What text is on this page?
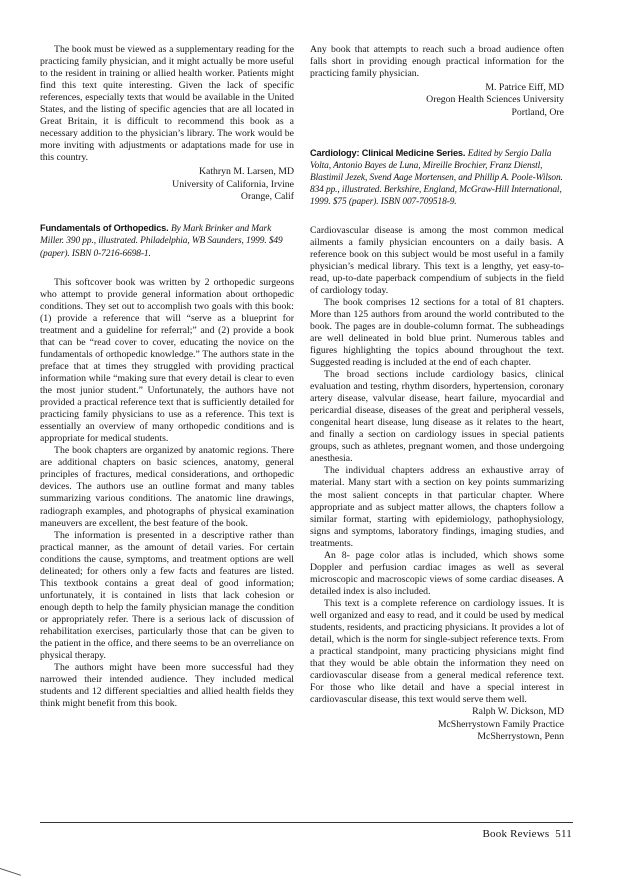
The book must be viewed as a supplementary reading for the practicing family physician, and it might actually be more useful to the resident in training or allied health worker. Patients might find this text quite interesting. Given the lack of specific references, especially texts that would be available in the United States, and the listing of specific agencies that are all located in Great Britain, it is difficult to recommend this book as a necessary addition to the physician’s library. The work would be more inviting with adjustments or adaptations made for use in this country.

Kathryn M. Larsen, MD
University of California, Irvine
Orange, Calif

Fundamentals of Orthopedics. By Mark Brinker and Mark Miller. 390 pp., illustrated. Philadelphia, WB Saunders, 1999. $49 (paper). ISBN 0-7216-6698-1.

This softcover book was written by 2 orthopedic surgeons who attempt to provide general information about orthopedic conditions. They set out to accomplish two goals with this book: (1) provide a reference that will “serve as a blueprint for treatment and a guideline for referral;” and (2) provide a book that can be “read cover to cover, educating the novice on the fundamentals of orthopedic knowledge.” The authors state in the preface that at times they struggled with providing practical information while “making sure that every detail is clear to even the most junior student.” Unfortunately, the authors have not provided a practical reference text that is sufficiently detailed for practicing family physicians to use as a reference. This text is essentially an overview of many orthopedic conditions and is appropriate for medical students.

The book chapters are organized by anatomic regions. There are additional chapters on basic sciences, anatomy, general principles of fractures, medical considerations, and orthopedic devices. The authors use an outline format and many tables summarizing various conditions. The anatomic line drawings, radiograph examples, and photographs of physical examination maneuvers are excellent, the best feature of the book.

The information is presented in a descriptive rather than practical manner, as the amount of detail varies. For certain conditions the cause, symptoms, and treatment options are well delineated; for others only a few facts and features are listed. This textbook contains a great deal of good information; unfortunately, it is contained in lists that lack cohesion or enough depth to help the family physician manage the condition or appropriately refer. There is a serious lack of discussion of rehabilitation exercises, particularly those that can be given to the patient in the office, and there seems to be an overreliance on physical therapy.

The authors might have been more successful had they narrowed their intended audience. They included medical students and 12 different specialties and allied health fields they think might benefit from this book.

Any book that attempts to reach such a broad audience often falls short in providing enough practical information for the practicing family physician.

M. Patrice Eiff, MD
Oregon Health Sciences University
Portland, Ore

Cardiology: Clinical Medicine Series. Edited by Sergio Dalla Volta, Antonio Bayes de Luna, Mireille Brochier, Franz Dienstl, Blastimil Jezek, Svend Aage Mortensen, and Phillip A. Poole-Wilson. 834 pp., illustrated. Berkshire, England, McGraw-Hill International, 1999. $75 (paper). ISBN 007-709518-9.

Cardiovascular disease is among the most common medical ailments a family physician encounters on a daily basis. A reference book on this subject would be most useful in a family physician’s medical library. This text is a lengthy, yet easy-to-read, up-to-date paperback compendium of subjects in the field of cardiology today.

The book comprises 12 sections for a total of 81 chapters. More than 125 authors from around the world contributed to the book. The pages are in double-column format. The subheadings are well delineated in bold blue print. Numerous tables and figures highlighting the topics abound throughout the text. Suggested reading is included at the end of each chapter.

The broad sections include cardiology basics, clinical evaluation and testing, rhythm disorders, hypertension, coronary artery disease, valvular disease, heart failure, myocardial and pericardial disease, diseases of the great and peripheral vessels, congenital heart disease, lung disease as it relates to the heart, and finally a section on cardiology issues in special patients groups, such as athletes, pregnant women, and those undergoing anesthesia.

The individual chapters address an exhaustive array of material. Many start with a section on key points summarizing the most salient concepts in that particular chapter. Where appropriate and as subject matter allows, the chapters follow a similar format, starting with epidemiology, pathophysiology, signs and symptoms, laboratory findings, imaging studies, and treatments.

An 8- page color atlas is included, which shows some Doppler and perfusion cardiac images as well as several microscopic and macroscopic views of some cardiac diseases. A detailed index is also included.

This text is a complete reference on cardiology issues. It is well organized and easy to read, and it could be used by medical students, residents, and practicing physicians. It provides a lot of detail, which is the norm for single-subject reference texts. From a practical standpoint, many practicing physicians might find that they would be able obtain the information they need on cardiovascular disease from a general medical reference text. For those who like detail and have a special interest in cardiovascular disease, this text would serve them well.

Ralph W. Dickson, MD
McSherrystown Family Practice
McSherrystown, Penn
Book Reviews 511
